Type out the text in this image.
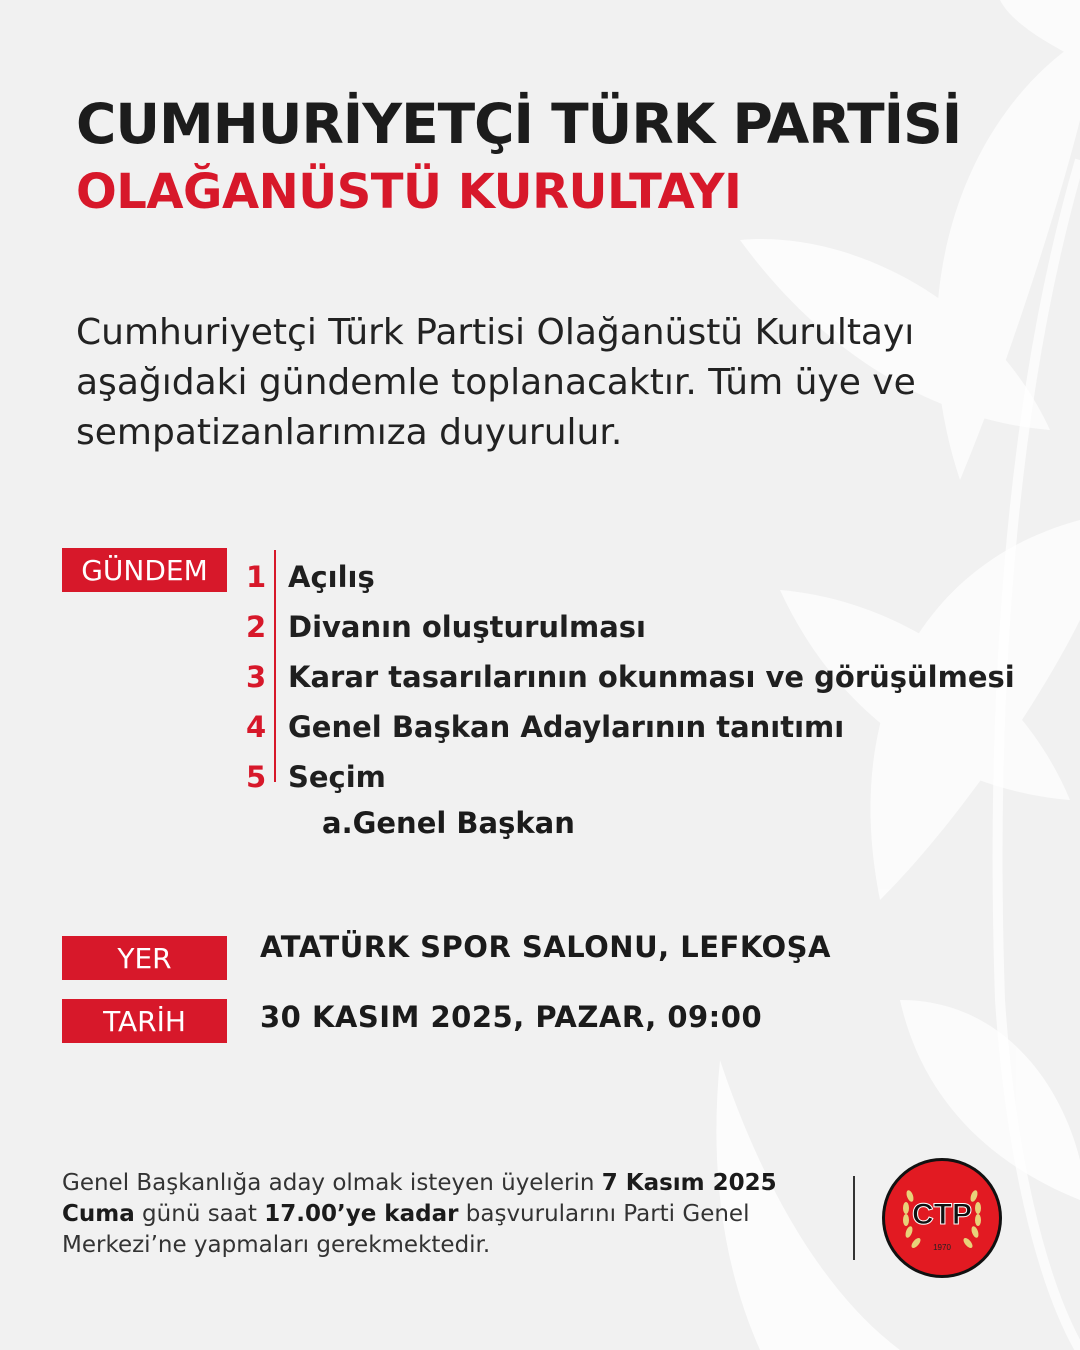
CUMHURİYETÇİ TÜRK PARTİSİ
OLAĞANÜSTÜ KURULTAYI
Cumhuriyetçi Türk Partisi Olağanüstü Kurultayı aşağıdaki gündemle toplanacaktır. Tüm üye ve sempatizanlarımıza duyurulur.
GÜNDEM	1 Açılış
2 Divanın oluşturulması
3 Karar tasarılarının okunması ve görüşülmesi
4 Genel Başkan Adaylarının tanıtımı
5 Seçim
a.Genel Başkan
YER	ATATÜRK SPOR SALONU, LEFKOŞA
TARİH	30 KASIM 2025, PAZAR, 09:00
Genel Başkanlığa aday olmak isteyen üyelerin 7 Kasım 2025 Cuma günü saat 17.00’ye kadar başvurularını Parti Genel Merkezi’ne yapmaları gerekmektedir.
CTP
1970
